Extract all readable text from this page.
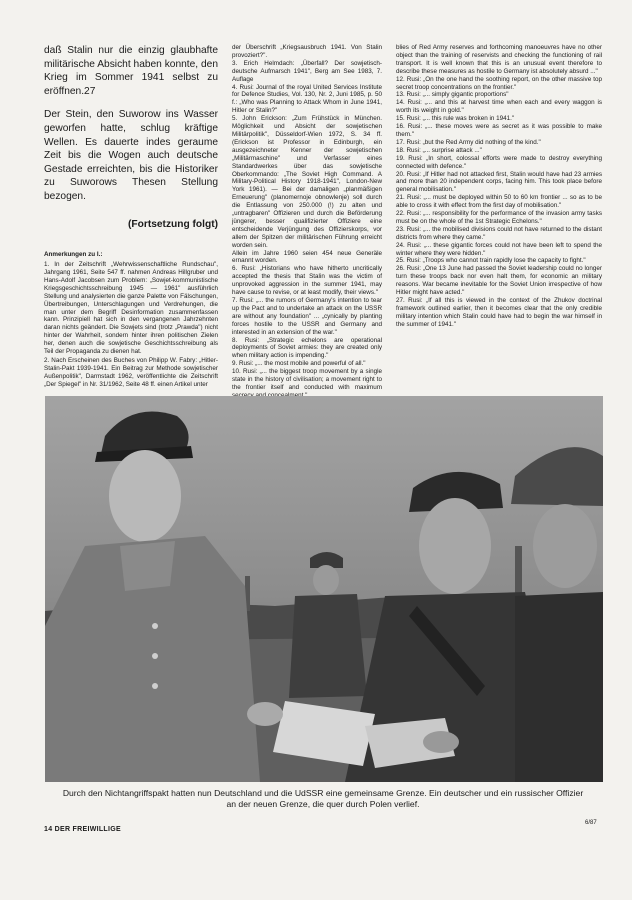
daß Stalin nur die einzig glaubhafte militärische Absicht haben konnte, den Krieg im Sommer 1941 selbst zu eröffnen.27

Der Stein, den Suworow ins Wasser geworfen hatte, schlug kräftige Wellen. Es dauerte indes geraume Zeit bis die Wogen auch deutsche Gestade erreichten, bis die Historiker zu Suworows Thesen Stellung bezogen.

(Fortsetzung folgt)

Anmerkungen zu I.:

1. In der Zeitschrift „Wehrwissenschaftliche Rundschau", Jahrgang 1961, Seite 547 ff. nahmen Andreas Hillgruber und Hans-Adolf Jacobsen zum Problem: „Sowjet-kommunistische Kriegsgeschichtsschreibung 1945 — 1961" ausführlich Stellung und analysierten die ganze Palette von Fälschungen, Übertreibungen, Unterschlagungen und Verdrehungen, die man unter dem Begriff Desinformation zusammenfassen kann. Prinzipiell hat sich in den vergangenen Jahrzehnten daran nichts geändert. Die Sowjets sind (trotz „Prawda") nicht hinter der Wahrheit, sondern hinter ihren politischen Zielen her, denen auch die sowjetische Geschichtsschreibung als Teil der Propaganda zu dienen hat.

2. Nach Erscheinen des Buches von Philipp W. Fabry: „Hitler-Stalin-Pakt 1939-1941. Ein Beitrag zur Methode sowjetischer Außenpolitik", Darmstadt 1962, veröffentlichte die Zeitschrift „Der Spiegel" in Nr. 31/1962, Seite 48 ff. einen Artikel unter

der Überschrift „Kriegsausbruch 1941. Von Stalin provoziert?".

3. Erich Helmdach: „Überfall? Der sowjetisch-deutsche Aufmarsch 1941", Berg am See 1983, 7. Auflage

4. Rusi: Journal of the royal United Services Institute for Defence Studies, Vol. 130, Nr. 2, Juni 1985, p. 50 f.: „Who was Planning to Attack Whom in June 1941, Hitler or Stalin?"

5. John Erickson: „Zum Frühstück in München. Möglichkeit und Absicht der sowjetischen Militärpolitik", Düsseldorf-Wien 1972, S. 34 ff. (Erickson ist Professor in Edinburgh, ein ausgezeichneter Kenner der sowjetischen „Militärmaschine" und Verfasser eines Standardwerkes über das sowjetische Oberkommando: „The Soviet High Command. A Military-Political History 1918-1941", London-New York 1961). — Bei der damaligen „planmäßigen Erneuerung" (planomernoje obnowlenje) soll durch die Entlassung von 250.000 (!) zu alten und „untragbaren" Offizieren und durch die Beförderung jüngerer, besser qualifizierter Offiziere eine entscheidende Verjüngung des Offizierskorps, vor allem der Spitzen der militärischen Führung erreicht worden sein.

Allein im Jahre 1960 seien 454 neue Generäle ernannt worden.

6. Rusi: „Historians who have hitherto uncritically accepted the thesis that Stalin was the victim of unprovoked aggression in the summer 1941, may have cause to revise, or at least modify, their views."

7. Rusi: „... the rumors of Germany's intention to tear up the Pact and to undertake an attack on the USSR are without any foundation" ... „cynically by planting forces hostile to the USSR and Germany and interested in an extension of the war."

8. Rusi: „Strategic echelons are operational deployments of Soviet armies: they are created only when military action is impending."

9. Rusi: „... the most mobile and powerful of all."

10. Rusi: „... the biggest troop movement by a single state in the history of civilisation; a movement right to the frontier itself and conducted with maximum

blies of Red Army reserves and forthcoming manoeuvres have no other object than the training of reservists and checking the functioning of rail transport. It is well known that this is an unusual event therefore to describe these measures as hostile to Germany ist absolutely absurd ..."

12. Rusi: „On the one hand the soothing report, on the other massive top secret troop concentrations on the frontier."

13. Rusi: „... simply gigantic proportions"

14. Rusi: „... and this at harvest time when each and every waggon is worth its weight in gold."

15. Rusi: „... this rule was broken in 1941."

16. Rusi: „... these moves were as secret as it was possible to make them."

17. Rusi: „but the Red Army did nothing of the kind."

18. Rusi: „... surprise attack ..."

19. Rusi: „In short, colossal efforts were made to destroy everything connected with defence."

20. Rusi: „If Hitler had not attacked first, Stalin would have had 23 armies and more than 20 independent corps, facing him. This took place before general mobilisation."

21. Rusi: „... must be deployed within 50 to 60 km frontier ... so as to be able to cross it with effect from the first day of mobilisation."

22. Rusi: „... responsibility for the performance of the invasion army tasks must be on the whole of the 1st Strategic Echelons."

23. Rusi: „... the mobilised divisions could not have returned to the distant districts from where they came."

24. Rusi: „... these gigantic forces could not have been left to spend the winter where they were hidden."

25. Rusi: „Troops who cannot train rapidly lose the capacity to fight."

26. Rusi: „One 13 June had passed the Soviet leadership could no longer turn these troops back nor even halt them, for economic an military reasons. War became inevitable for the Soviet Union irrespective of how Hitler might have acted."

27. Rusi: „If all this is viewed in the context of the Zhukov doctrinal framework outlined earlier, then it becomes clear that the only credible military intention which Stalin could have had to begin the war himself in the summer of 1941."

Durch den Nichtangriffspakt hatten nun Deutschland und die UdSSR eine gemeinsame Grenze. Ein deutscher und ein russischer Offizier an der neuen Grenze, die quer durch Polen verlief.

14 DER FREIWILLIGE
6/87
